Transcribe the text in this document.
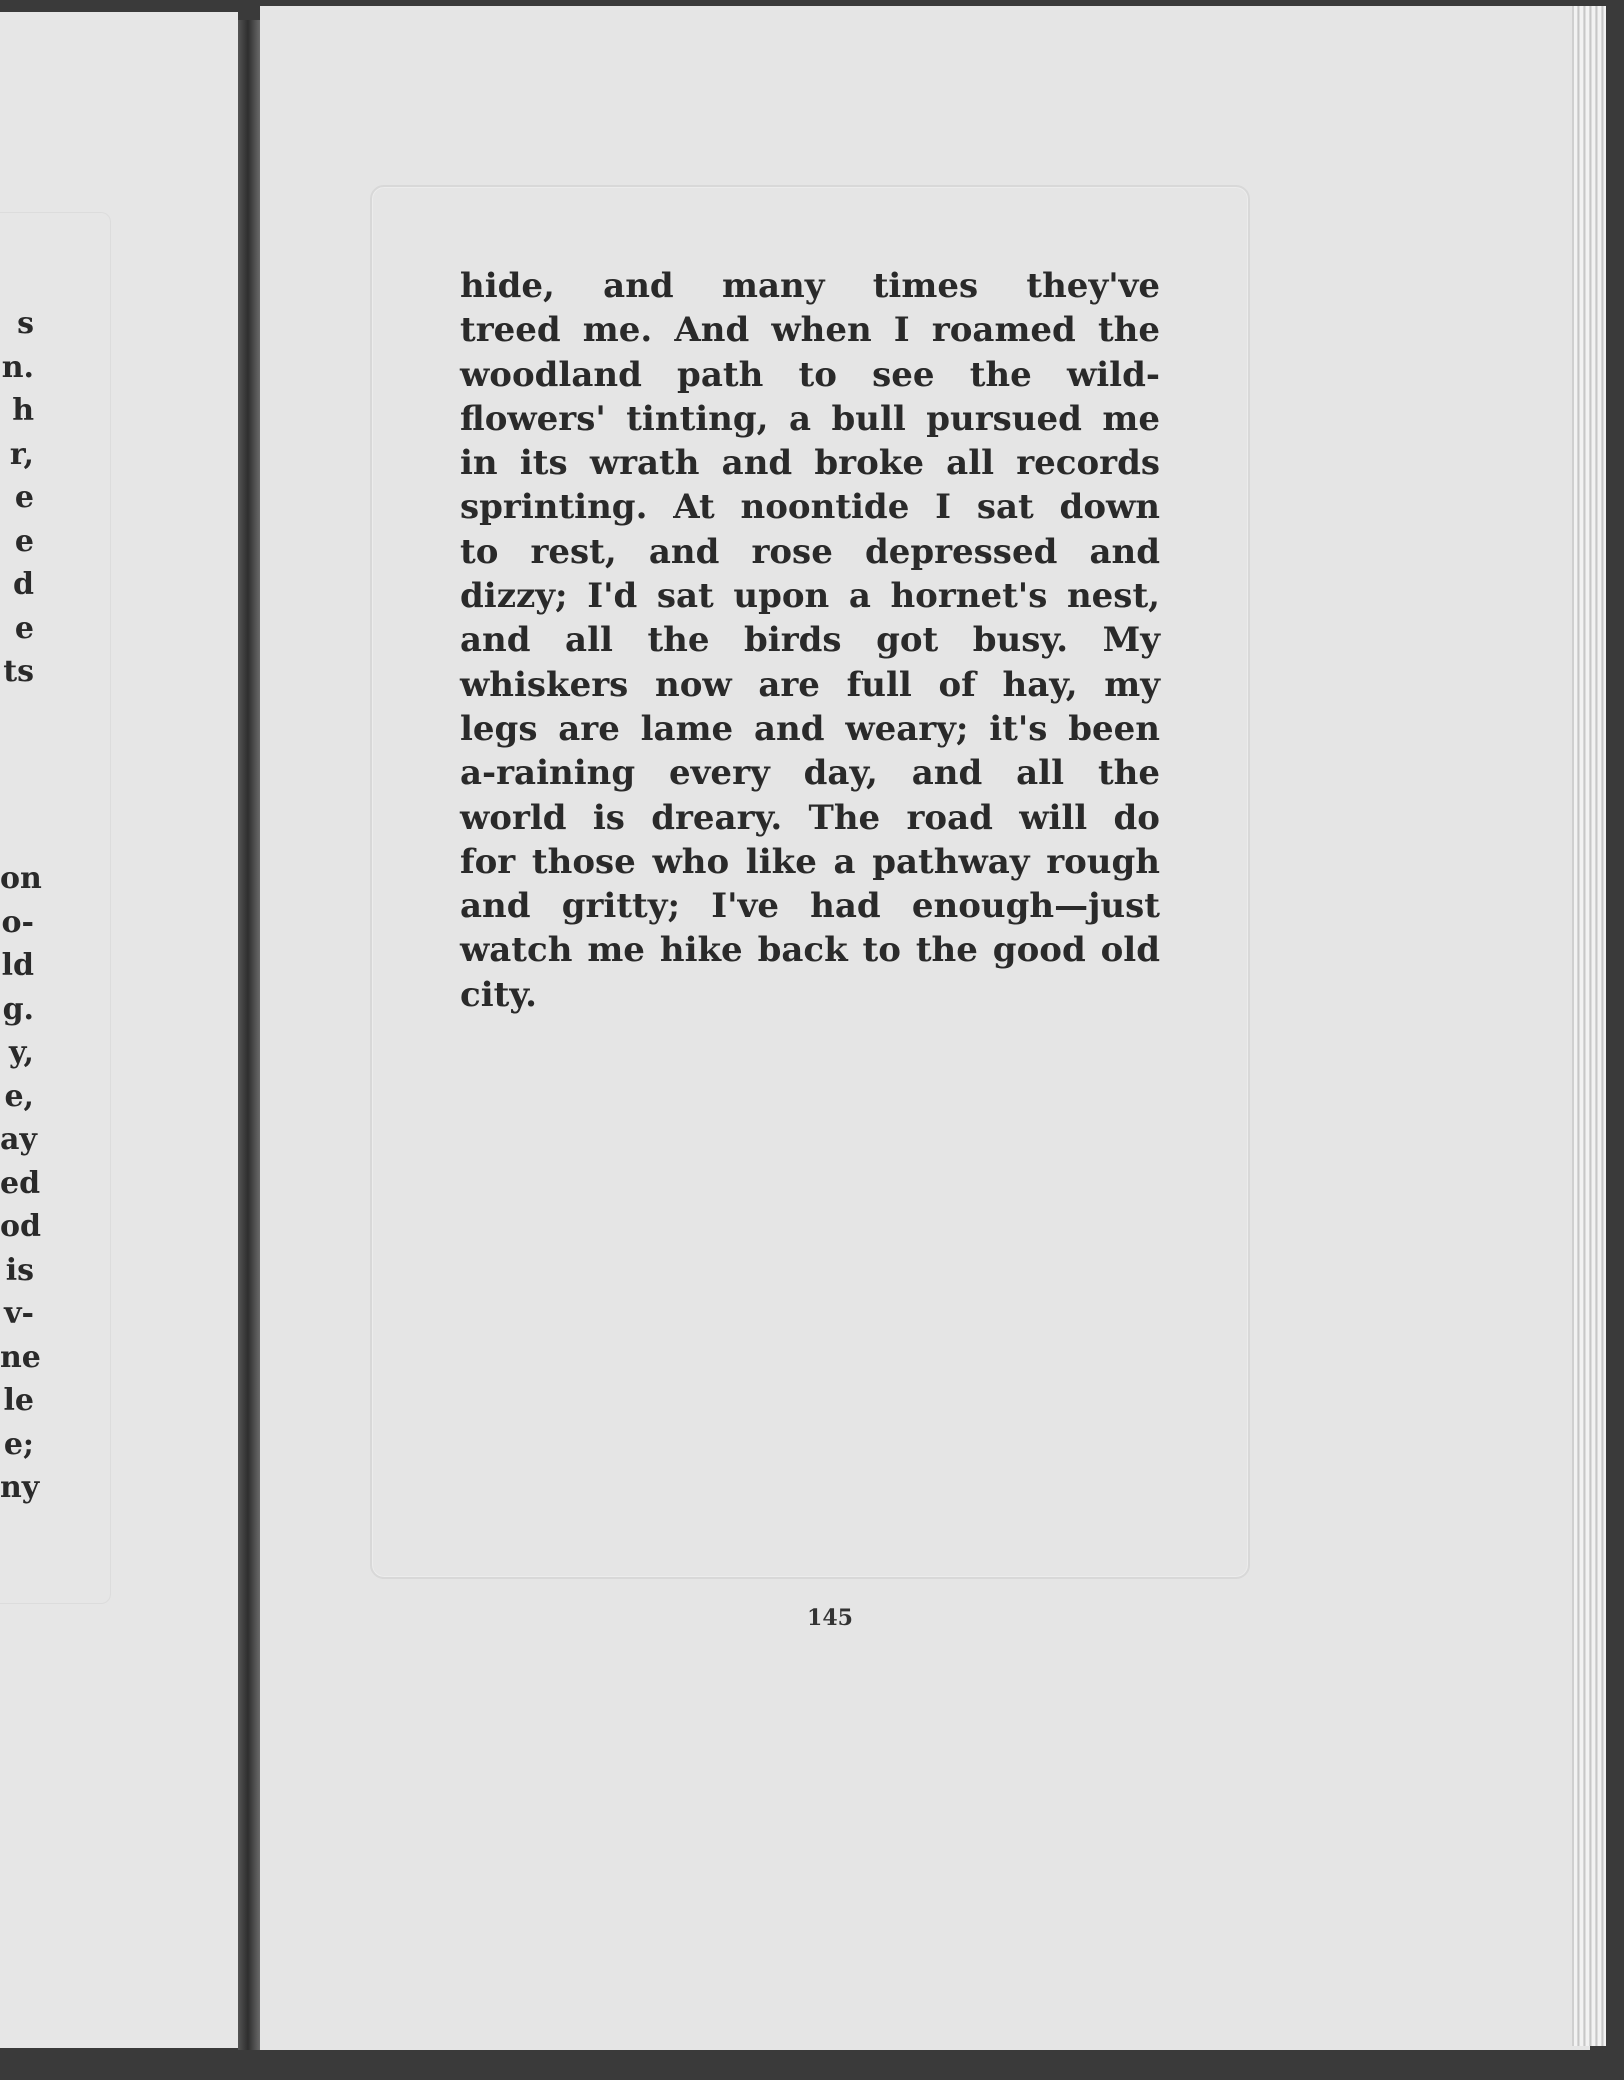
s
n.
h
r,
e
e
d
e
ts
on
o-
ld
g.
y,
e,
ay
ed
od
is
v-
ne
le
e;
ny
hide, and many times they've
treed me. And when I roamed the
woodland path to see the wild-
flowers' tinting, a bull pursued me
in its wrath and broke all records
sprinting. At noontide I sat down
to rest, and rose depressed and
dizzy; I'd sat upon a hornet's nest,
and all the birds got busy. My
whiskers now are full of hay, my
legs are lame and weary; it's been
a-raining every day, and all the
world is dreary. The road will do
for those who like a pathway rough
and gritty; I've had enough—just
watch me hike back to the good old
city.
145
